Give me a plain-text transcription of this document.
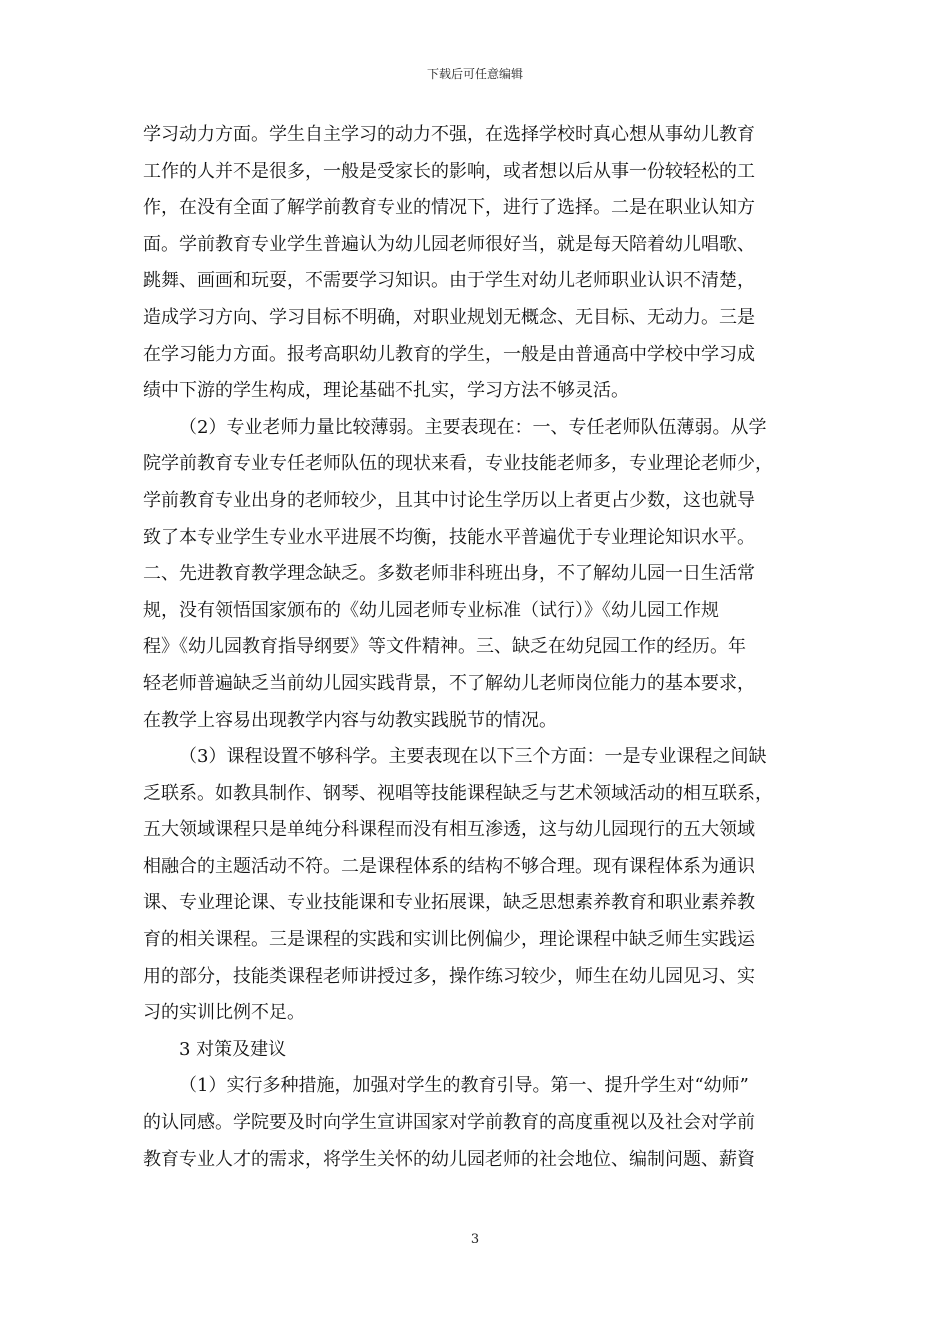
下载后可任意编辑
学习动力方面。学生自主学习的动力不强，在选择学校时真心想从事幼儿教育
工作的人并不是很多，一般是受家长的影响，或者想以后从事一份较轻松的工
作，在没有全面了解学前教育专业的情况下，进行了选择。二是在职业认知方
面。学前教育专业学生普遍认为幼儿园老师很好当，就是每天陪着幼儿唱歌、
跳舞、画画和玩耍，不需要学习知识。由于学生对幼儿老师职业认识不清楚，
造成学习方向、学习目标不明确，对职业规划无概念、无目标、无动力。三是
在学习能力方面。报考高职幼儿教育的学生，一般是由普通高中学校中学习成
绩中下游的学生构成，理论基础不扎实，学习方法不够灵活。
（2）专业老师力量比较薄弱。主要表现在：一、专任老师队伍薄弱。从学
院学前教育专业专任老师队伍的现状来看，专业技能老师多，专业理论老师少，
学前教育专业出身的老师较少，且其中讨论生学历以上者更占少数，这也就导
致了本专业学生专业水平进展不均衡，技能水平普遍优于专业理论知识水平。
二、先进教育教学理念缺乏。多数老师非科班出身，不了解幼儿园一日生活常
规，没有领悟国家颁布的《幼儿园老师专业标准（试行）》《幼儿园工作规
程》《幼儿园教育指导纲要》等文件精神。三、缺乏在幼兒园工作的经历。年
轻老师普遍缺乏当前幼儿园实践背景，不了解幼儿老师岗位能力的基本要求，
在教学上容易出现教学内容与幼教实践脱节的情况。
（3）课程设置不够科学。主要表现在以下三个方面：一是专业课程之间缺
乏联系。如教具制作、钢琴、视唱等技能课程缺乏与艺术领域活动的相互联系，
五大领域课程只是单纯分科课程而没有相互渗透，这与幼儿园现行的五大领域
相融合的主题活动不符。二是课程体系的结构不够合理。现有课程体系为通识
课、专业理论课、专业技能课和专业拓展课，缺乏思想素养教育和职业素养教
育的相关课程。三是课程的实践和实训比例偏少，理论课程中缺乏师生实践运
用的部分，技能类课程老师讲授过多，操作练习较少，师生在幼儿园见习、实
习的实训比例不足。
3 对策及建议
（1）实行多种措施，加强对学生的教育引导。第一、提升学生对“幼师”
的认同感。学院要及时向学生宣讲国家对学前教育的高度重视以及社会对学前
教育专业人才的需求，将学生关怀的幼儿园老师的社会地位、编制问题、薪資
3
